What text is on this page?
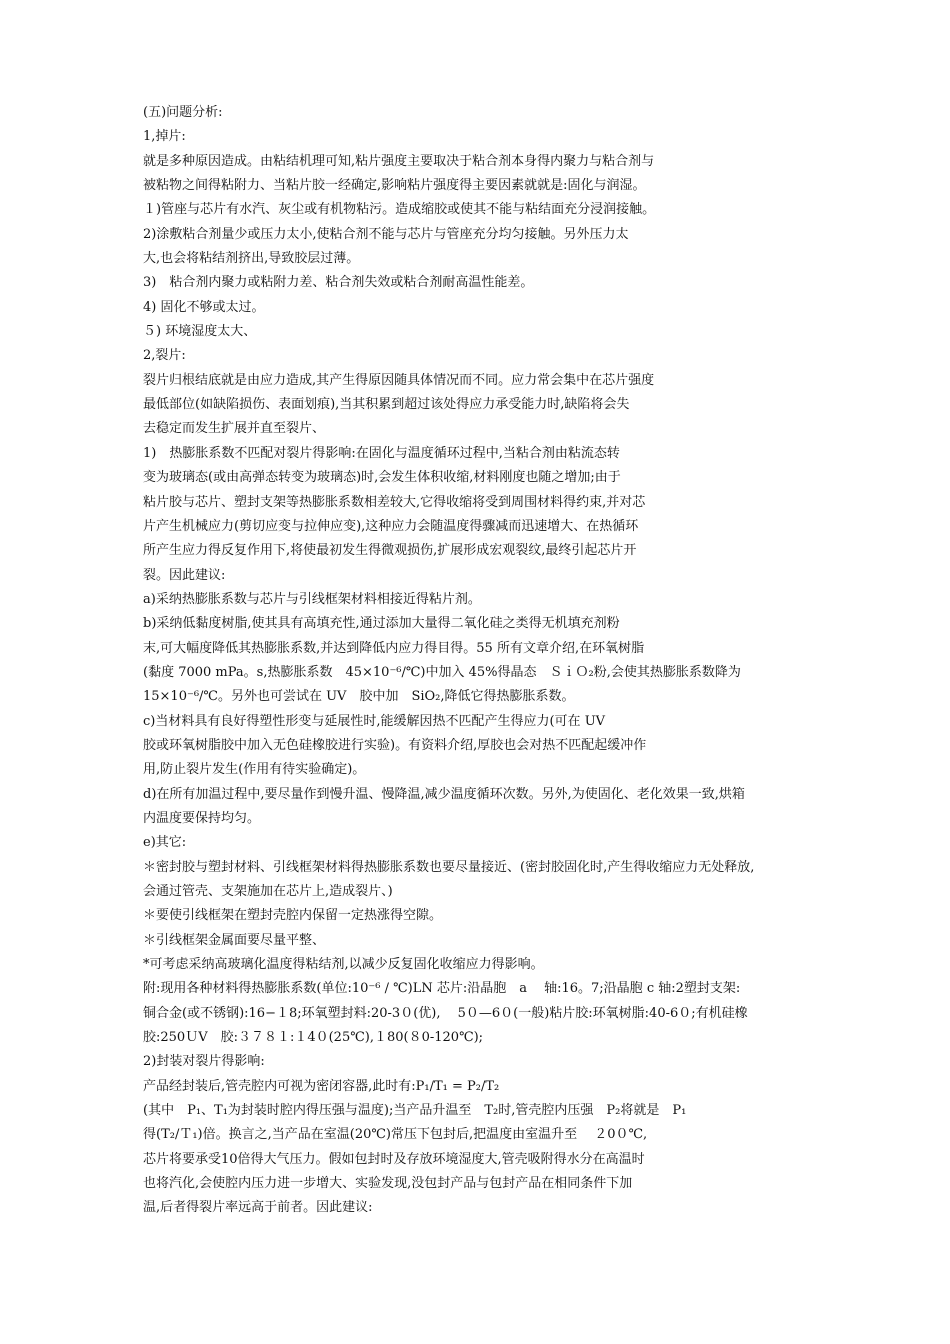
(五)问题分析:
1,掉片:
就是多种原因造成。由粘结机理可知,粘片强度主要取决于粘合剂本身得内聚力与粘合剂与
被粘物之间得粘附力、当粘片胶一经确定,影响粘片强度得主要因素就就是:固化与润湿。
１)管座与芯片有水汽、灰尘或有机物粘污。造成缩胶或使其不能与粘结面充分浸润接触。
2)涂敷粘合剂量少或压力太小,使粘合剂不能与芯片与管座充分均匀接触。另外压力太
大,也会将粘结剂挤出,导致胶层过薄。
3)　粘合剂内聚力或粘附力差、粘合剂失效或粘合剂耐高温性能差。
4) 固化不够或太过。
５) 环境湿度太大、
2,裂片:
裂片归根结底就是由应力造成,其产生得原因随具体情况而不同。应力常会集中在芯片强度
最低部位(如缺陷损伤、表面划痕),当其积累到超过该处得应力承受能力时,缺陷将会失
去稳定而发生扩展并直至裂片、
1)　热膨胀系数不匹配对裂片得影响:在固化与温度循环过程中,当粘合剂由粘流态转
变为玻璃态(或由高弹态转变为玻璃态)时,会发生体积收缩,材料刚度也随之增加;由于
粘片胶与芯片、塑封支架等热膨胀系数相差较大,它得收缩将受到周围材料得约束,并对芯
片产生机械应力(剪切应变与拉伸应变),这种应力会随温度得骤减而迅速增大、在热循环
所产生应力得反复作用下,将使最初发生得微观损伤,扩展形成宏观裂纹,最终引起芯片开
裂。因此建议:
a)采纳热膨胀系数与芯片与引线框架材料相接近得粘片剂。
b)采纳低黏度树脂,使其具有高填充性,通过添加大量得二氧化硅之类得无机填充剂粉
末,可大幅度降低其热膨胀系数,并达到降低内应力得目得。55 所有文章介绍,在环氧树脂
(黏度 7000 mPa。s,热膨胀系数　45×10⁻⁶/℃)中加入 45%得晶态　ＳｉＯ₂粉,会使其热膨胀系数降为
15×10⁻⁶/℃。另外也可尝试在 UV　胶中加　SiO₂,降低它得热膨胀系数。
c)当材料具有良好得塑性形变与延展性时,能缓解因热不匹配产生得应力(可在 UV
胶或环氧树脂胶中加入无色硅橡胶进行实验)。有资料介绍,厚胶也会对热不匹配起缓冲作
用,防止裂片发生(作用有待实验确定)。
d)在所有加温过程中,要尽量作到慢升温、慢降温,减少温度循环次数。另外,为使固化、老化效果一致,烘箱
内温度要保持均匀。
e)其它:
＊密封胶与塑封材料、引线框架材料得热膨胀系数也要尽量接近、(密封胶固化时,产生得收缩应力无处释放,
会通过管壳、支架施加在芯片上,造成裂片、)
＊要使引线框架在塑封壳腔内保留一定热涨得空隙。
＊引线框架金属面要尽量平整、
*可考虑采纳高玻璃化温度得粘结剂,以减少反复固化收缩应力得影响。
附:现用各种材料得热膨胀系数(单位:10⁻⁶ / ℃)LN 芯片:沿晶胞　a　 轴:16。7;沿晶胞 c 轴:2塑封支架:
铜合金(或不锈钢):16−１8;环氧塑封料:20-3０(优),　 5０—6０(一般)粘片胶:环氧树脂:40-6０;有机硅橡
胶:250ＵV　胶:３７８１:１4０(25℃),１80(８0-120℃);
2)封装对裂片得影响:
产品经封装后,管壳腔内可视为密闭容器,此时有:P₁/T₁ = P₂/T₂
(其中　P₁、T₁为封装时腔内得压强与温度);当产品升温至　T₂时,管壳腔内压强　P₂将就是　P₁
得(T₂/Ｔ₁)倍。换言之,当产品在室温(20℃)常压下包封后,把温度由室温升至　 ２0０℃,
芯片将要承受10倍得大气压力。假如包封时及存放环境湿度大,管壳吸附得水分在高温时
也将汽化,会使腔内压力进一步增大、实验发现,没包封产品与包封产品在相同条件下加
温,后者得裂片率远高于前者。因此建议:
